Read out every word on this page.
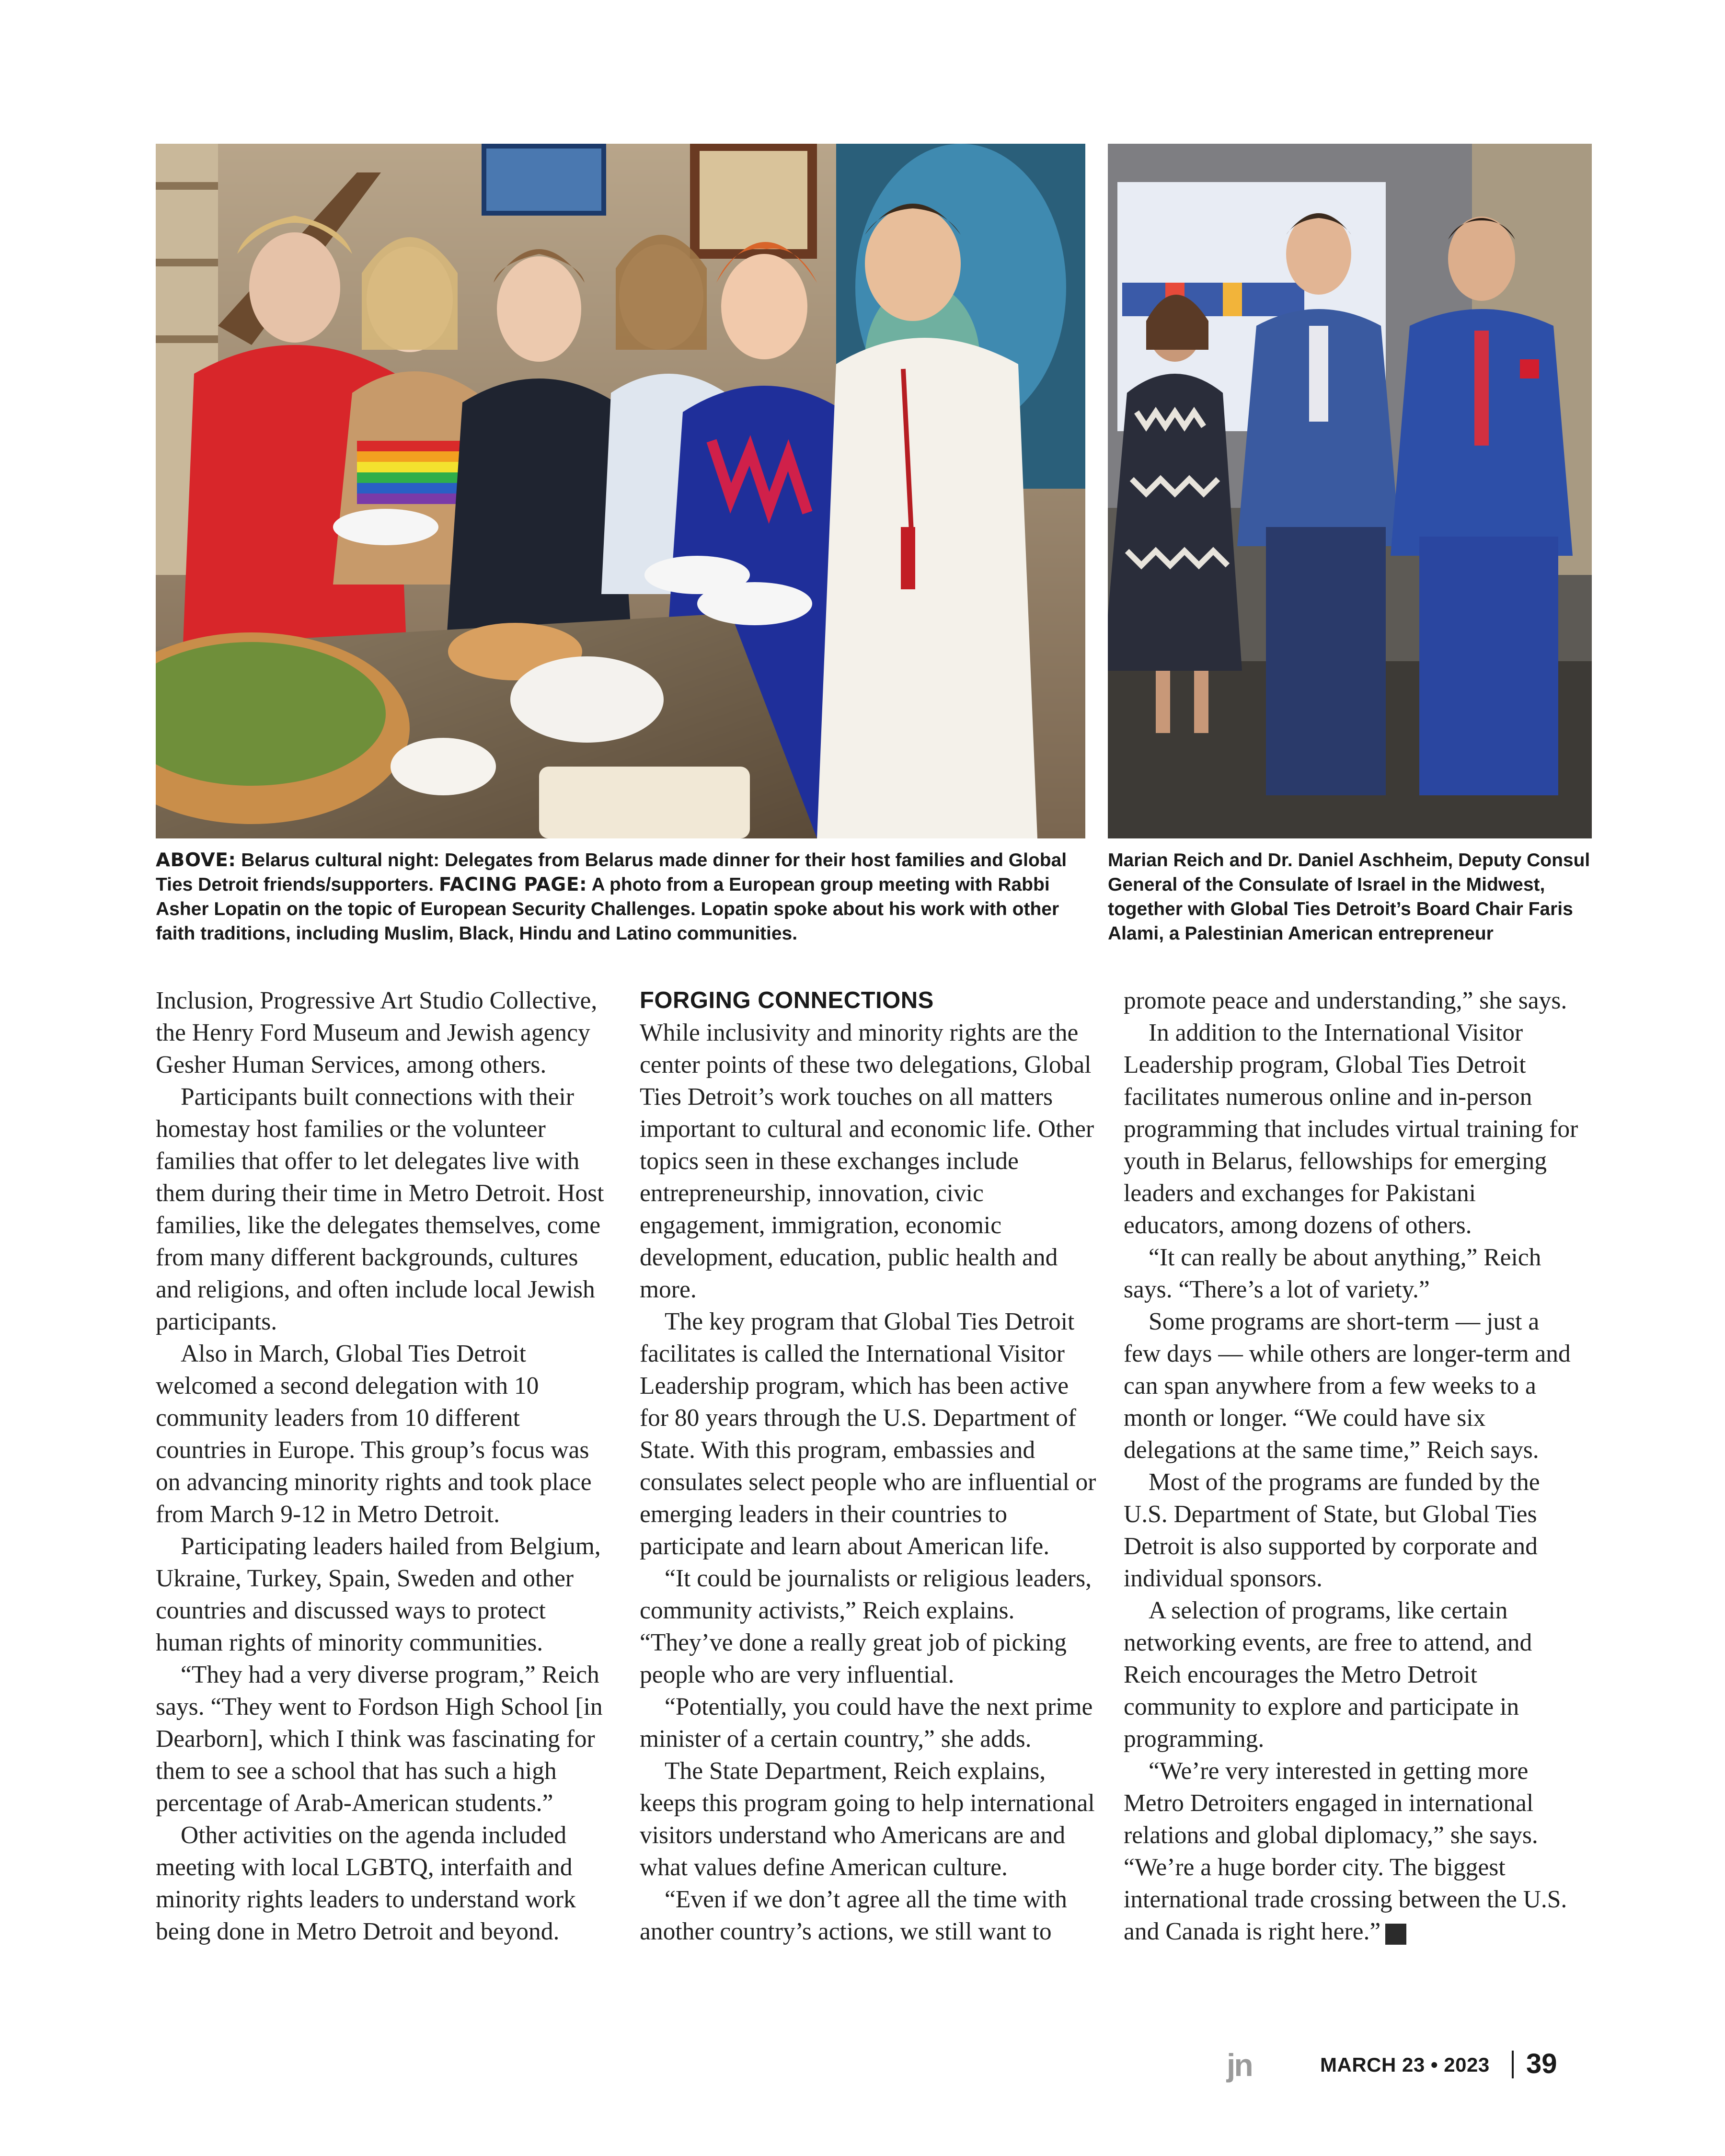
ABOVE: Belarus cultural night: Delegates from Belarus made dinner for their host families and Global Ties Detroit friends/supporters. FACING PAGE: A photo from a European group meeting with Rabbi Asher Lopatin on the topic of European Security Challenges. Lopatin spoke about his work with other faith traditions, including Muslim, Black, Hindu and Latino communities.
Marian Reich and Dr. Daniel Aschheim, Deputy Consul General of the Consulate of Israel in the Midwest, together with Global Ties Detroit’s Board Chair Faris Alami, a Palestinian American entrepreneur

Inclusion, Progressive Art Studio Collective, the Henry Ford Museum and Jewish agency Gesher Human Services, among others.

Participants built connections with their homestay host families or the volunteer families that offer to let delegates live with them during their time in Metro Detroit. Host families, like the delegates themselves, come from many different backgrounds, cultures and religions, and often include local Jewish participants.

Also in March, Global Ties Detroit welcomed a second delegation with 10 community leaders from 10 different countries in Europe. This group’s focus was on advancing minority rights and took place from March 9-12 in Metro Detroit.

Participating leaders hailed from Belgium, Ukraine, Turkey, Spain, Sweden and other countries and discussed ways to protect human rights of minority communities.

“They had a very diverse program,” Reich says. “They went to Fordson High School [in Dearborn], which I think was fascinating for them to see a school that has such a high percentage of Arab-American students.”

Other activities on the agenda included meeting with local LGBTQ, interfaith and minority rights leaders to understand work being done in Metro Detroit and beyond.

FORGING CONNECTIONS

While inclusivity and minority rights are the center points of these two delegations, Global Ties Detroit’s work touches on all matters important to cultural and economic life. Other topics seen in these exchanges include entrepreneurship, innovation, civic engagement, immigration, economic development, education, public health and more.

The key program that Global Ties Detroit facilitates is called the International Visitor Leadership program, which has been active for 80 years through the U.S. Department of State. With this program, embassies and consulates select people who are influential or emerging leaders in their countries to participate and learn about American life.

“It could be journalists or religious leaders, community activists,” Reich explains. “They’ve done a really great job of picking people who are very influential.

“Potentially, you could have the next prime minister of a certain country,” she adds.

The State Department, Reich explains, keeps this program going to help international visitors understand who Americans are and what values define American culture.

“Even if we don’t agree all the time with another country’s actions, we still want to

promote peace and understanding,” she says.

In addition to the International Visitor Leadership program, Global Ties Detroit facilitates numerous online and in-person programming that includes virtual training for youth in Belarus, fellowships for emerging leaders and exchanges for Pakistani educators, among dozens of others.

“It can really be about anything,” Reich says. “There’s a lot of variety.”

Some programs are short-term — just a few days — while others are longer-term and can span anywhere from a few weeks to a month or longer. “We could have six delegations at the same time,” Reich says.

Most of the programs are funded by the U.S. Department of State, but Global Ties Detroit is also supported by corporate and individual sponsors.

A selection of programs, like certain networking events, are free to attend, and Reich encourages the Metro Detroit community to explore and participate in programming.

“We’re very interested in getting more Metro Detroiters engaged in international relations and global diplomacy,” she says. “We’re a huge border city. The biggest international trade crossing between the U.S. and Canada is right here.” jn

jn	MARCH 23 • 2023 39
